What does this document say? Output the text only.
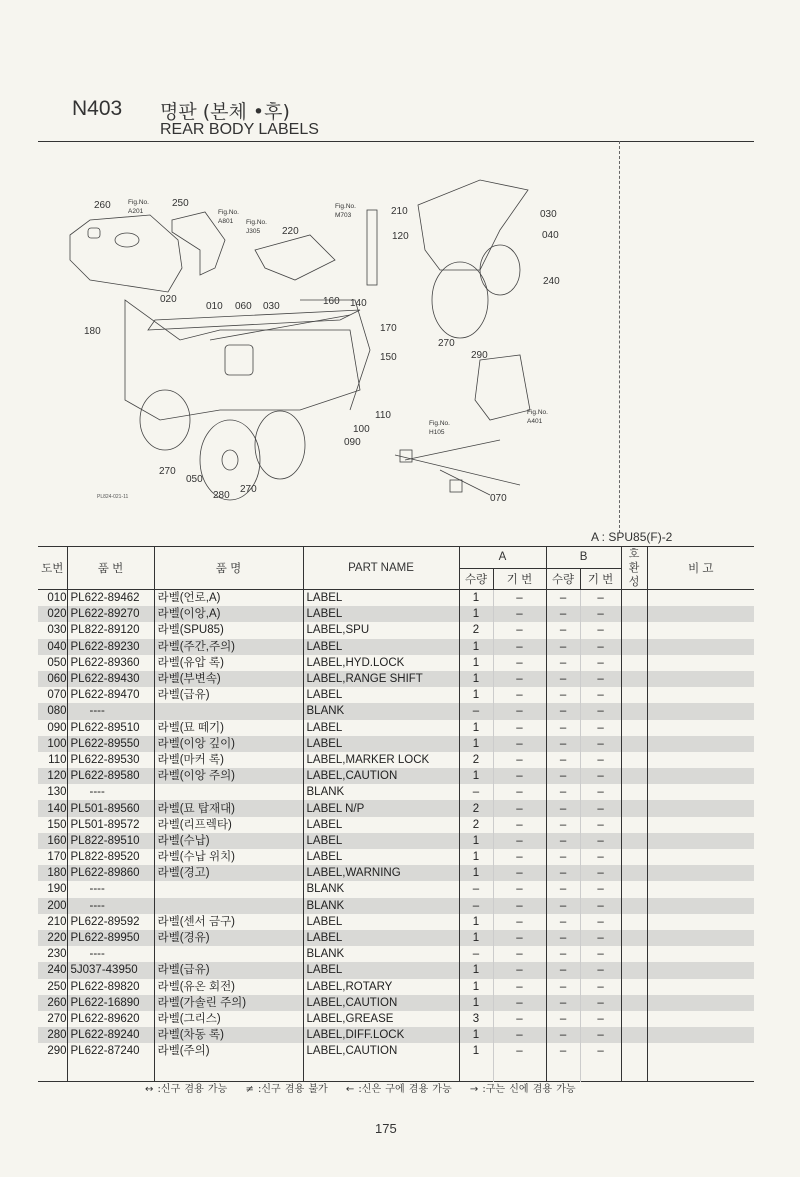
N403 명판 (본체 •후)
REAR BODY LABELS
260	250
220
210	030
040
120
240
020
010 060 030	160 140
170
150
180
110
100
090
270
050
280
270
270
290
070
Fig.No.
A201	Fig.No.
A801 Fig.No.
J305
Fig.No.
M703
Fig.No.
A401
Fig.No.
H105
PL824-021-11
A : SPU85(F)-2
도번	품 번	품 명	PART NAME	A		B		호
환
성	비 고
				수량	기 번	수량	기 번		
010	PL622-89462	라벨(언로,A)	LABEL	1	–	–	–		
020	PL622-89270	라벨(이앙,A)	LABEL	1	–	–	–		
030	PL822-89120	라벨(SPU85)	LABEL,SPU	2	–	–	–		
040	PL622-89230	라벨(주간,주의)	LABEL	1	–	–	–		
050	PL622-89360	라벨(유압 록)	LABEL,HYD.LOCK	1	–	–	–		
060	PL622-89430	라벨(부변속)	LABEL,RANGE SHIFT	1	–	–	–		
070	PL622-89470	라벨(급유)	LABEL	1	–	–	–		
080	----		BLANK	–	–	–	–		
090	PL622-89510	라벨(묘 떼기)	LABEL	1	–	–	–		
100	PL622-89550	라벨(이앙 깊이)	LABEL	1	–	–	–		
110	PL622-89530	라벨(마커 록)	LABEL,MARKER LOCK	2	–	–	–		
120	PL622-89580	라벨(이앙 주의)	LABEL,CAUTION	1	–	–	–		
130	----		BLANK	–	–	–	–		
140	PL501-89560	라벨(묘 탑재대)	LABEL N/P	2	–	–	–		
150	PL501-89572	라벨(리프렉타)	LABEL	2	–	–	–		
160	PL822-89510	라벨(수납)	LABEL	1	–	–	–		
170	PL822-89520	라벨(수납 위치)	LABEL	1	–	–	–		
180	PL622-89860	라벨(경고)	LABEL,WARNING	1	–	–	–		
190	----		BLANK	–	–	–	–		
200	----		BLANK	–	–	–	–		
210	PL622-89592	라벨(센서 금구)	LABEL	1	–	–	–		
220	PL622-89950	라벨(경유)	LABEL	1	–	–	–		
230	----		BLANK	–	–	–	–		
240	5J037-43950	라벨(급유)	LABEL	1	–	–	–		
250	PL622-89820	라벨(유온 회전)	LABEL,ROTARY	1	–	–	–		
260	PL622-16890	라벨(가솔린 주의)	LABEL,CAUTION	1	–	–	–		
270	PL622-89620	라벨(그리스)	LABEL,GREASE	3	–	–	–		
280	PL622-89240	라벨(차동 록)	LABEL,DIFF.LOCK	1	–	–	–		
290	PL622-87240	라벨(주의)	LABEL,CAUTION	1	–	–	–		

↔ :신구 겸용 가능 ≠ :신구 겸용 불가 ← :신은 구에 겸용 가능 → :구는 신에 겸용 가능
175
